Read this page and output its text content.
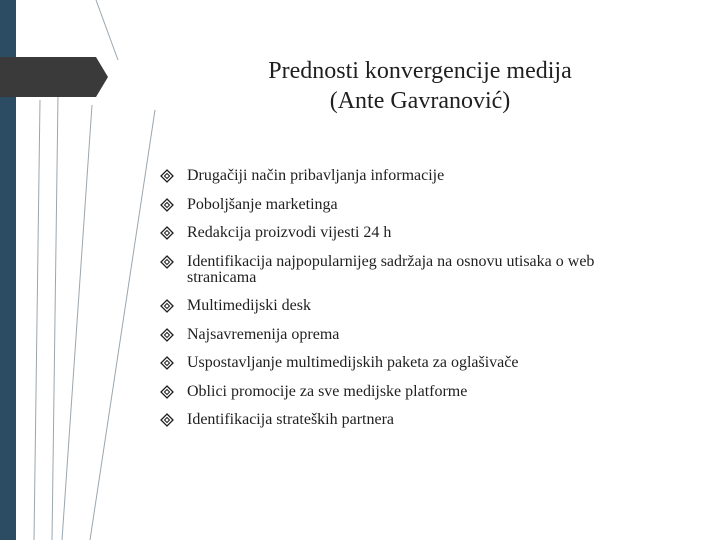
Prednosti konvergencije medija
(Ante Gavranović)
Drugačiji način pribavljanja informacije
Poboljšanje marketinga
Redakcija proizvodi vijesti 24 h
Identifikacija najpopularnijeg sadržaja na osnovu utisaka o web stranicama
Multimedijski desk
Najsavremenija oprema
Uspostavljanje multimedijskih paketa za oglašivače
Oblici promocije za sve medijske platforme
Identifikacija strateških partnera
